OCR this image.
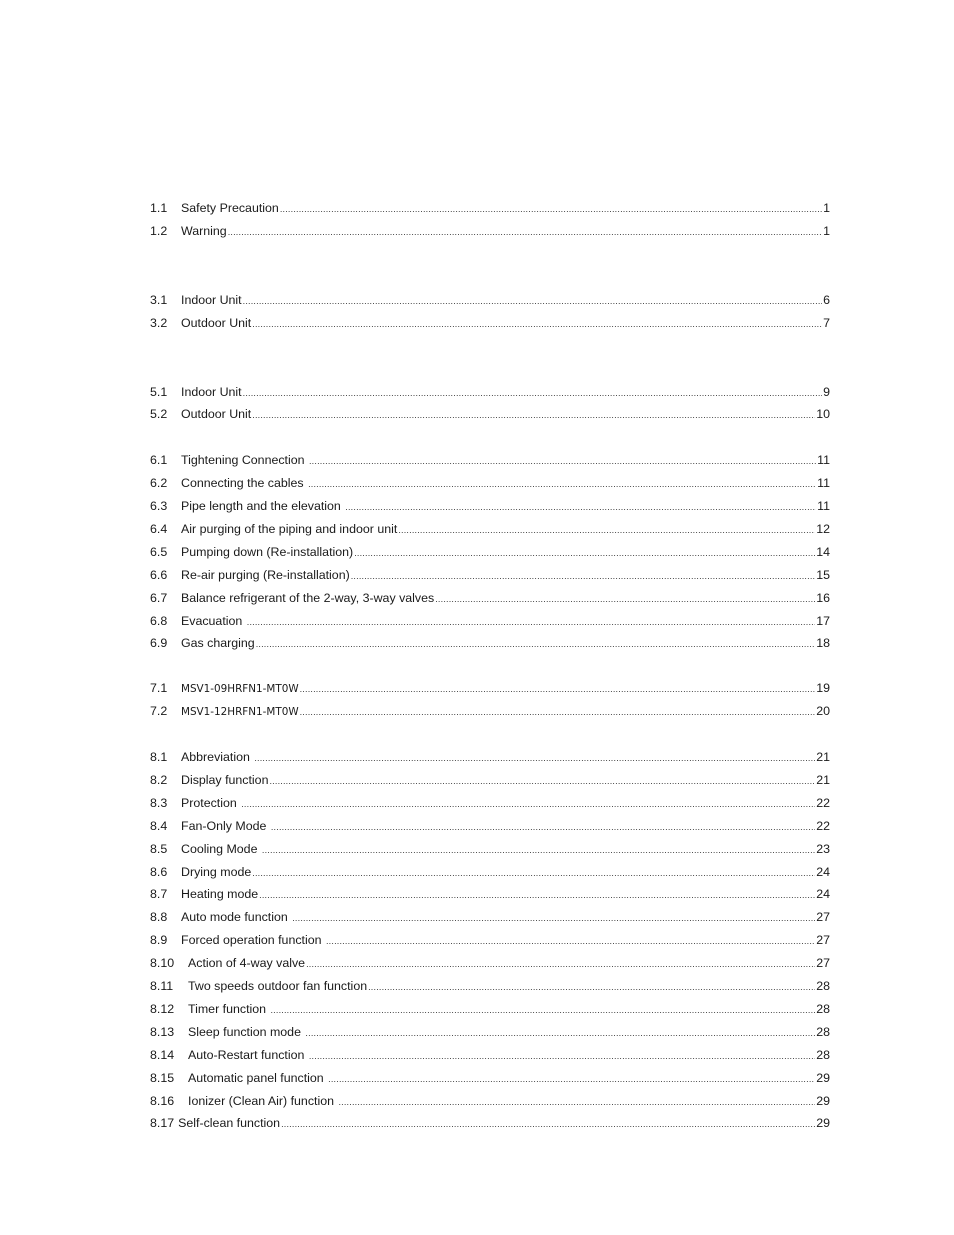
1.1	Safety Precaution .....	1
1.2	Warning .....	1
3.1	Indoor Unit .....	6
3.2	Outdoor Unit .....	7
5.1	Indoor Unit .....	9
5.2	Outdoor Unit .....	10
6.1	Tightening Connection .....	11
6.2	Connecting the cables .....	11
6.3	Pipe length and the elevation .....	11
6.4	Air purging of the piping and indoor unit .....	12
6.5	Pumping down (Re-installation) .....	14
6.6	Re-air purging (Re-installation) .....	15
6.7	Balance refrigerant of the 2-way, 3-way valves .....	16
6.8	Evacuation .....	17
6.9	Gas charging .....	18
7.1	MSV1-09HRFN1-MT0W .....	19
7.2	MSV1-12HRFN1-MT0W .....	20
8.1	Abbreviation .....	21
8.2	Display function .....	21
8.3	Protection .....	22
8.4	Fan-Only Mode .....	22
8.5	Cooling Mode .....	23
8.6	Drying mode .....	24
8.7	Heating mode .....	24
8.8	Auto mode function .....	27
8.9	Forced operation function .....	27
8.10	Action of 4-way valve .....	27
8.11	Two speeds outdoor fan function .....	28
8.12	Timer function .....	28
8.13	Sleep function mode .....	28
8.14	Auto-Restart function .....	28
8.15	Automatic panel function .....	29
8.16	Ionizer (Clean Air) function .....	29
8.17 Self-clean function .....	29
